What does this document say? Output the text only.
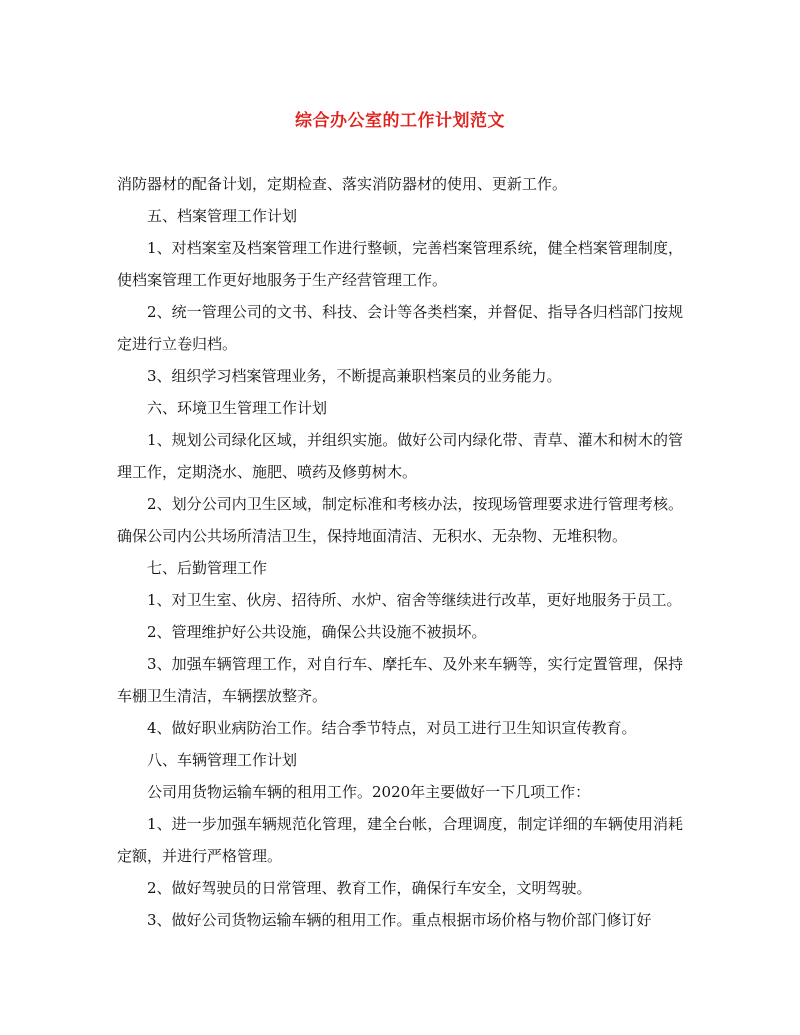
综合办公室的工作计划范文

消防器材的配备计划，定期检查、落实消防器材的使用、更新工作。

五、档案管理工作计划

1、对档案室及档案管理工作进行整顿，完善档案管理系统，健全档案管理制度，使档案管理工作更好地服务于生产经营管理工作。

2、统一管理公司的文书、科技、会计等各类档案，并督促、指导各归档部门按规定进行立卷归档。

3、组织学习档案管理业务，不断提高兼职档案员的业务能力。

六、环境卫生管理工作计划

1、规划公司绿化区域，并组织实施。做好公司内绿化带、青草、灌木和树木的管理工作，定期浇水、施肥、喷药及修剪树木。

2、划分公司内卫生区域，制定标准和考核办法，按现场管理要求进行管理考核。确保公司内公共场所清洁卫生，保持地面清洁、无积水、无杂物、无堆积物。

七、后勤管理工作

1、对卫生室、伙房、招待所、水炉、宿舍等继续进行改革，更好地服务于员工。

2、管理维护好公共设施，确保公共设施不被损坏。

3、加强车辆管理工作，对自行车、摩托车、及外来车辆等，实行定置管理，保持车棚卫生清洁，车辆摆放整齐。

4、做好职业病防治工作。结合季节特点，对员工进行卫生知识宣传教育。

八、车辆管理工作计划

公司用货物运输车辆的租用工作。2020年主要做好一下几项工作：

1、进一步加强车辆规范化管理，建全台帐，合理调度，制定详细的车辆使用消耗定额，并进行严格管理。

2、做好驾驶员的日常管理、教育工作，确保行车安全，文明驾驶。

3、做好公司货物运输车辆的租用工作。重点根据市场价格与物价部门修订好
